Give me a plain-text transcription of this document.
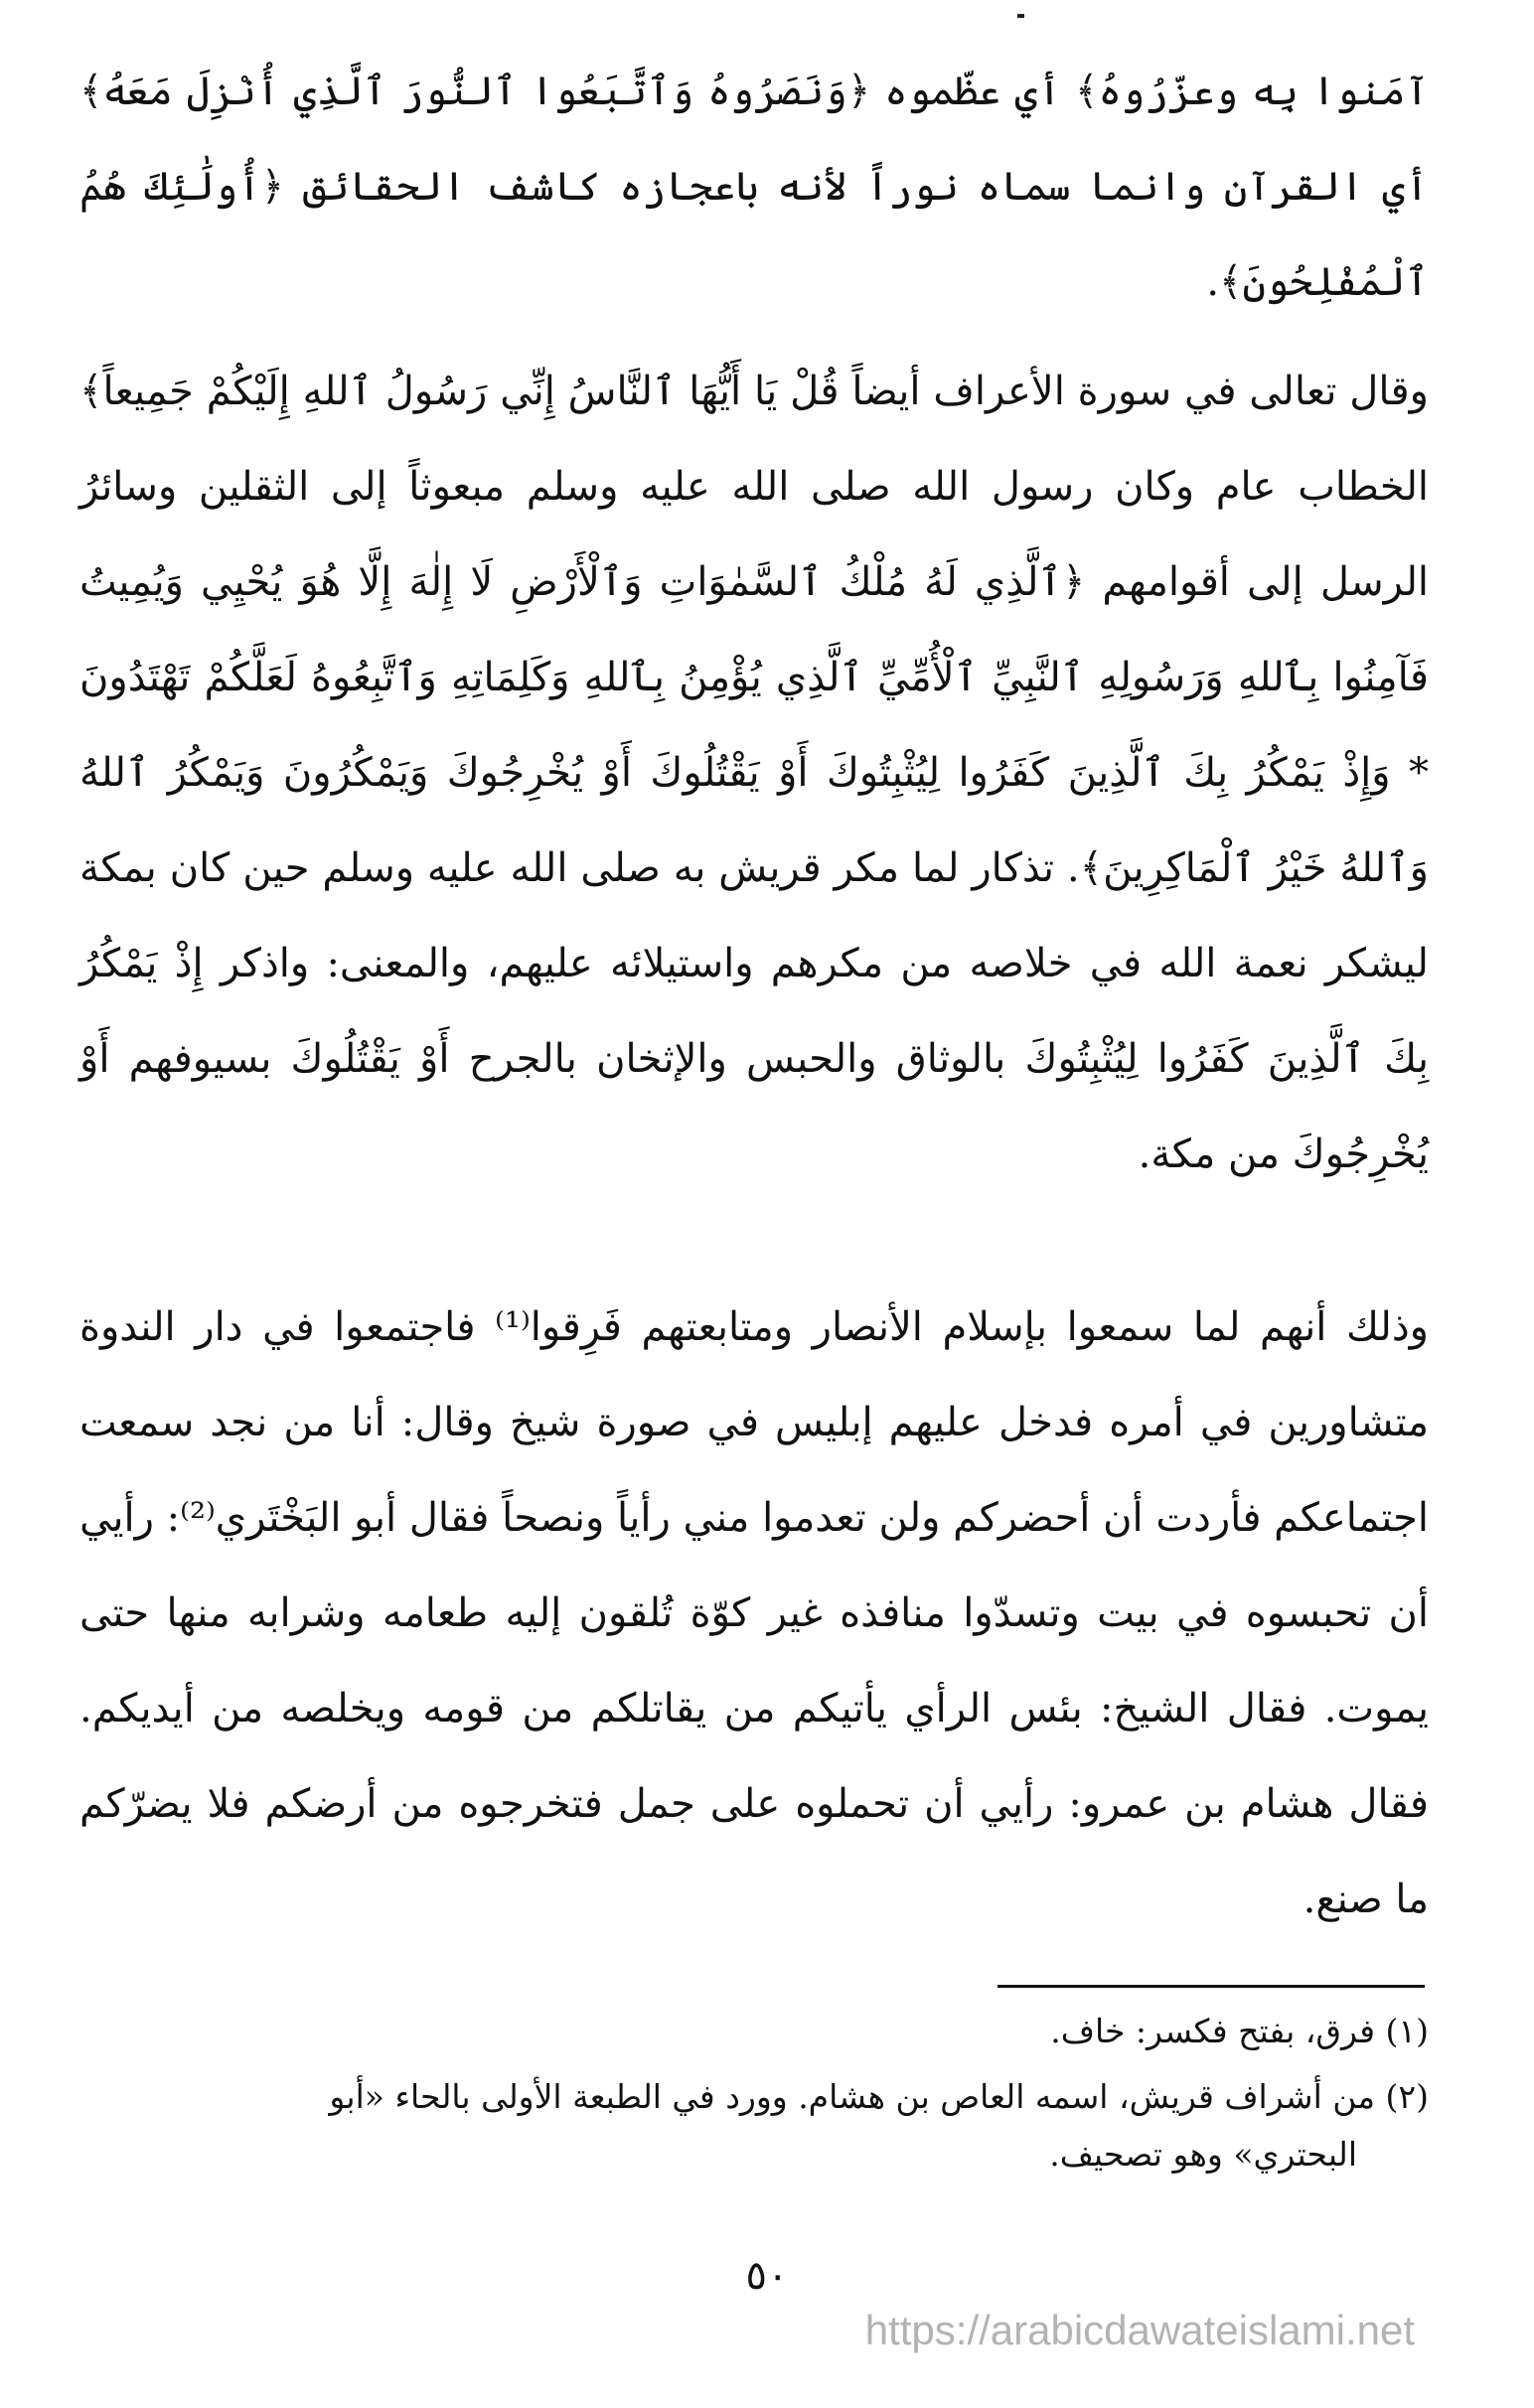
آمَنوا بِه وعزّرُوهُ﴾ أي عظّموه ﴿وَنَصَرُوهُ وَٱتَّبَعُوا ٱلنُّورَ ٱلَّذِي أُنْزِلَ مَعَهُ﴾ أي القرآن وانما سماه نوراً لأنه باعجازه كاشف الحقائق ﴿أُولَٰئِكَ هُمُ ٱلْمُفْلِحُونَ﴾.

وقال تعالى في سورة الأعراف أيضاً قُلْ يَا أَيُّهَا ٱلنَّاسُ إِنِّي رَسُولُ ٱللهِ إِلَيْكُمْ جَمِيعاً﴾ الخطاب عام وكان رسول الله صلى الله عليه وسلم مبعوثاً إلى الثقلين وسائرُ الرسل إلى أقوامهم ﴿ٱلَّذِي لَهُ مُلْكُ ٱلسَّمٰوَاتِ وَٱلْأَرْضِ لَا إِلٰهَ إِلَّا هُوَ يُحْيِي وَيُمِيتُ فَآمِنُوا بِٱللهِ وَرَسُولِهِ ٱلنَّبِيِّ ٱلْأُمِّيِّ ٱلَّذِي يُؤْمِنُ بِٱللهِ وَكَلِمَاتِهِ وَٱتَّبِعُوهُ لَعَلَّكُمْ تَهْتَدُونَ * وَإِذْ يَمْكُرُ بِكَ ٱلَّذِينَ كَفَرُوا لِيُثْبِتُوكَ أَوْ يَقْتُلُوكَ أَوْ يُخْرِجُوكَ وَيَمْكُرُونَ وَيَمْكُرُ ٱللهُ وَٱللهُ خَيْرُ ٱلْمَاكِرِينَ﴾. تذكار لما مكر قريش به صلى الله عليه وسلم حين كان بمكة ليشكر نعمة الله في خلاصه من مكرهم واستيلائه عليهم، والمعنى: واذكر إِذْ يَمْكُرُ بِكَ ٱلَّذِينَ كَفَرُوا لِيُثْبِتُوكَ بالوثاق والحبس والإثخان بالجرح أَوْ يَقْتُلُوكَ بسيوفهم أَوْ يُخْرِجُوكَ من مكة.

وذلك أنهم لما سمعوا بإسلام الأنصار ومتابعتهم فَرِقوا⁽¹⁾ فاجتمعوا في دار الندوة متشاورين في أمره فدخل عليهم إبليس في صورة شيخ وقال: أنا من نجد سمعت اجتماعكم فأردت أن أحضركم ولن تعدموا مني رأياً ونصحاً فقال أبو البَخْتَري⁽²⁾: رأيي أن تحبسوه في بيت وتسدّوا منافذه غير كوّة تُلقون إليه طعامه وشرابه منها حتى يموت. فقال الشيخ: بئس الرأي يأتيكم من يقاتلكم من قومه ويخلصه من أيديكم. فقال هشام بن عمرو: رأيي أن تحملوه على جمل فتخرجوه من أرضكم فلا يضرّكم ما صنع.

(١) فرق، بفتح فكسر: خاف.

(٢) من أشراف قريش، اسمه العاص بن هشام. وورد في الطبعة الأولى بالحاء «أبو
البحتري» وهو تصحيف.

٥٠
https://arabicdawateislami.net
